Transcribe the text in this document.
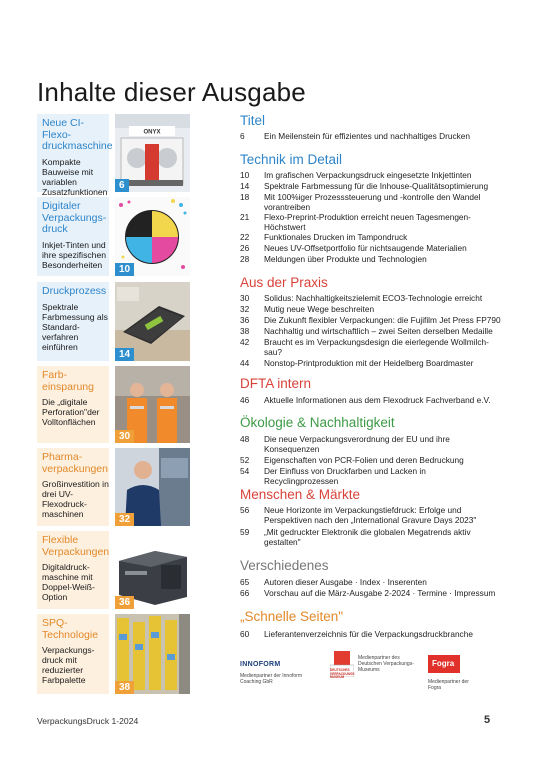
Inhalte dieser Ausgabe
Neue CI-Flexo-druckmaschine

Kompakte Bauweise mit variablen Zusatzfunktionen

ONYX
6
Digitaler Verpackungs-druck

Inkjet-Tinten und ihre spezifischen Besonderheiten	10
Druckprozess

Spektrale Farbmessung als Standard-verfahren einführen

14
Farb-einsparung

Die „digitale Perforation"der Volltonflächen

30
Pharma-verpackungen

Großinvestition in drei UV-Flexodruck-maschinen	32
Flexible Verpackungen

Digitaldruck-maschine mit Doppel-Weiß-Option	36
SPQ-Technologie

Verpackungs-druck mit reduzierter Farbpalette

38
Titel
6	Ein Meilenstein für effizientes und nachhaltiges Drucken
Technik im Detail
10	Im grafischen Verpackungsdruck eingesetzte Inkjettinten
14	Spektrale Farbmessung für die Inhouse-Qualitätsoptimierung
18	Mit 100%iger Prozesssteuerung und -kontrolle den Wandel vorantreiben
21	Flexo-Preprint-Produktion erreicht neuen Tagesmengen-Höchstwert
22	Funktionales Drucken im Tampondruck
26	Neues UV-Offsetportfolio für nichtsaugende Materialien
28	Meldungen über Produkte und Technologien
Aus der Praxis
30	Solidus: Nachhaltigkeitszielemit ECO3-Technologie erreicht
32	Mutig neue Wege beschreiten
36	Die Zukunft flexibler Verpackungen: die Fujifilm Jet Press FP790
38	Nachhaltig und wirtschaftlich – zwei Seiten derselben Medaille
42	Braucht es im Verpackungsdesign die eierlegende Wollmilch-sau?
44	Nonstop-Printproduktion mit der Heidelberg Boardmaster
DFTA intern
46	Aktuelle Informationen aus dem Flexodruck Fachverband e.V.
Ökologie & Nachhaltigkeit
48	Die neue Verpackungsverordnung der EU und ihre Konsequenzen
52	Eigenschaften von PCR-Folien und deren Bedruckung
54	Der Einfluss von Druckfarben und Lacken in Recyclingprozessen
Menschen & Märkte
56	Neue Horizonte im Verpackungstiefdruck: Erfolge und Perspektiven nach den „International Gravure Days 2023"
59	„Mit gedruckter Elektronik die globalen Megatrends aktiv gestalten"
Verschiedenes
65	Autoren dieser Ausgabe · Index · Inserenten
66	Vorschau auf die März-Ausgabe 2-2024 · Termine · Impressum
„Schnelle Seiten"
60	Lieferantenverzeichnis für die Verpackungsdruckbranche
INNOFORM
Medienpartner der Innoform Coaching GbR
DEUTSCHES VERPACKUNGS MUSEUM
Medienpartner des Deutschen Verpackungs-Museums
Fogra
Medienpartner der Fogra
VerpackungsDruck 1-2024	5
